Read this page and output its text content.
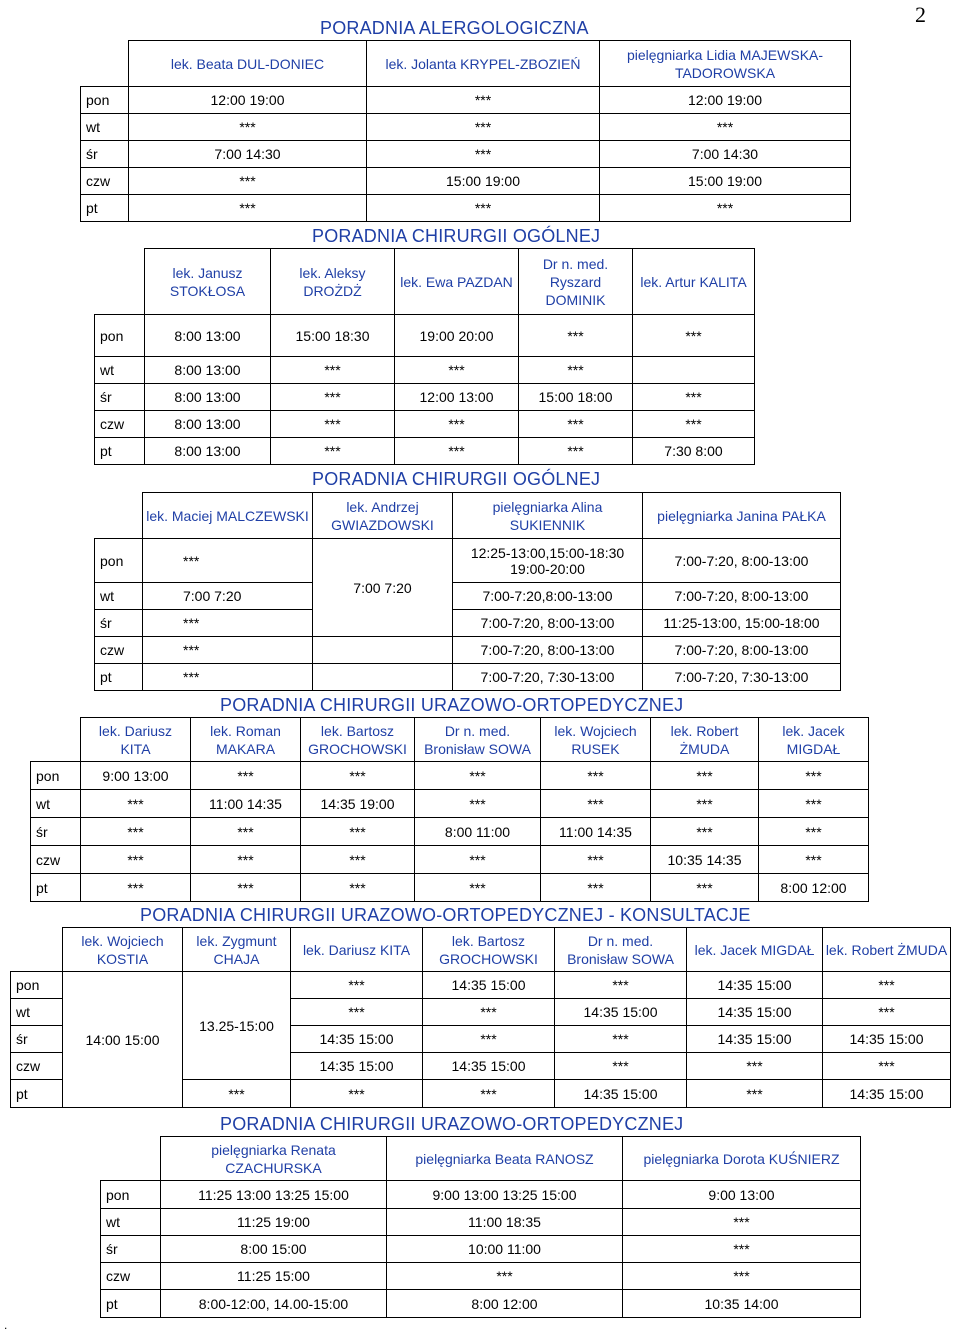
2
PORADNIA ALERGOLOGICZNA
	lek. Beata DUL-DONIEC	lek. Jolanta KRYPEL-ZBOZIEŃ	pielęgniarka Lidia MAJEWSKA-TADOROWSKA
pon	12:00 19:00	***	12:00 19:00
wt	***	***	***
śr	7:00 14:30	***	7:00 14:30
czw	***	15:00 19:00	15:00 19:00
pt	***	***	***
PORADNIA CHIRURGII OGÓLNEJ
	lek. Janusz STOKŁOSA	lek. Aleksy DROŻDŻ	lek. Ewa PAZDAN	Dr n. med. Ryszard DOMINIK	lek. Artur KALITA
pon	8:00 13:00	15:00 18:30	19:00 20:00	***	***
wt	8:00 13:00	***	***	***	
śr	8:00 13:00	***	12:00 13:00	15:00 18:00	***
czw	8:00 13:00	***	***	***	***
pt	8:00 13:00	***	***	***	7:30 8:00
PORADNIA CHIRURGII OGÓLNEJ
	lek. Maciej MALCZEWSKI	lek. Andrzej GWIAZDOWSKI	pielęgniarka Alina SUKIENNIK	pielęgniarka Janina PAŁKA
pon	***	7:00 7:20	12:25-13:00,15:00-18:30 19:00-20:00	7:00-7:20, 8:00-13:00
wt	7:00 7:20		7:00-7:20,8:00-13:00	7:00-7:20, 8:00-13:00
śr	***		7:00-7:20, 8:00-13:00	11:25-13:00, 15:00-18:00
czw	***		7:00-7:20, 8:00-13:00	7:00-7:20, 8:00-13:00
pt	***		7:00-7:20, 7:30-13:00	7:00-7:20, 7:30-13:00
PORADNIA CHIRURGII URAZOWO-ORTOPEDYCZNEJ
	lek. Dariusz KITA	lek. Roman MAKARA	lek. Bartosz GROCHOWSKI	Dr n. med. Bronisław SOWA	lek. Wojciech RUSEK	lek. Robert ŻMUDA	lek. Jacek MIGDAŁ
pon	9:00 13:00	***	***	***	***	***	***
wt	***	11:00 14:35	14:35 19:00	***	***	***	***
śr	***	***	***	8:00 11:00	11:00 14:35	***	***
czw	***	***	***	***	***	10:35 14:35	***
pt	***	***	***	***	***	***	8:00 12:00
PORADNIA CHIRURGII URAZOWO-ORTOPEDYCZNEJ - KONSULTACJE
	lek. Wojciech KOSTIA	lek. Zygmunt CHAJA	lek. Dariusz KITA	lek. Bartosz GROCHOWSKI	Dr n. med. Bronisław SOWA	lek. Jacek MIGDAŁ	lek. Robert ŻMUDA
pon	14:00 15:00	13.25-15:00	***	14:35 15:00	***	14:35 15:00	***
wt			***	***	14:35 15:00	14:35 15:00	***
śr			14:35 15:00	***	***	14:35 15:00	14:35 15:00
czw			14:35 15:00	14:35 15:00	***	***	***
pt		***	***	***	14:35 15:00	***	14:35 15:00
PORADNIA CHIRURGII URAZOWO-ORTOPEDYCZNEJ
	pielęgniarka Renata CZACHURSKA	pielęgniarka Beata RANOSZ	pielęgniarka Dorota KUŚNIERZ
pon	11:25 13:00 13:25 15:00	9:00 13:00 13:25 15:00	9:00 13:00
wt	11:25 19:00	11:00 18:35	***
śr	8:00 15:00	10:00 11:00	***
czw	11:25 15:00	***	***
pt	8:00-12:00, 14.00-15:00	8:00 12:00	10:35 14:00
.
